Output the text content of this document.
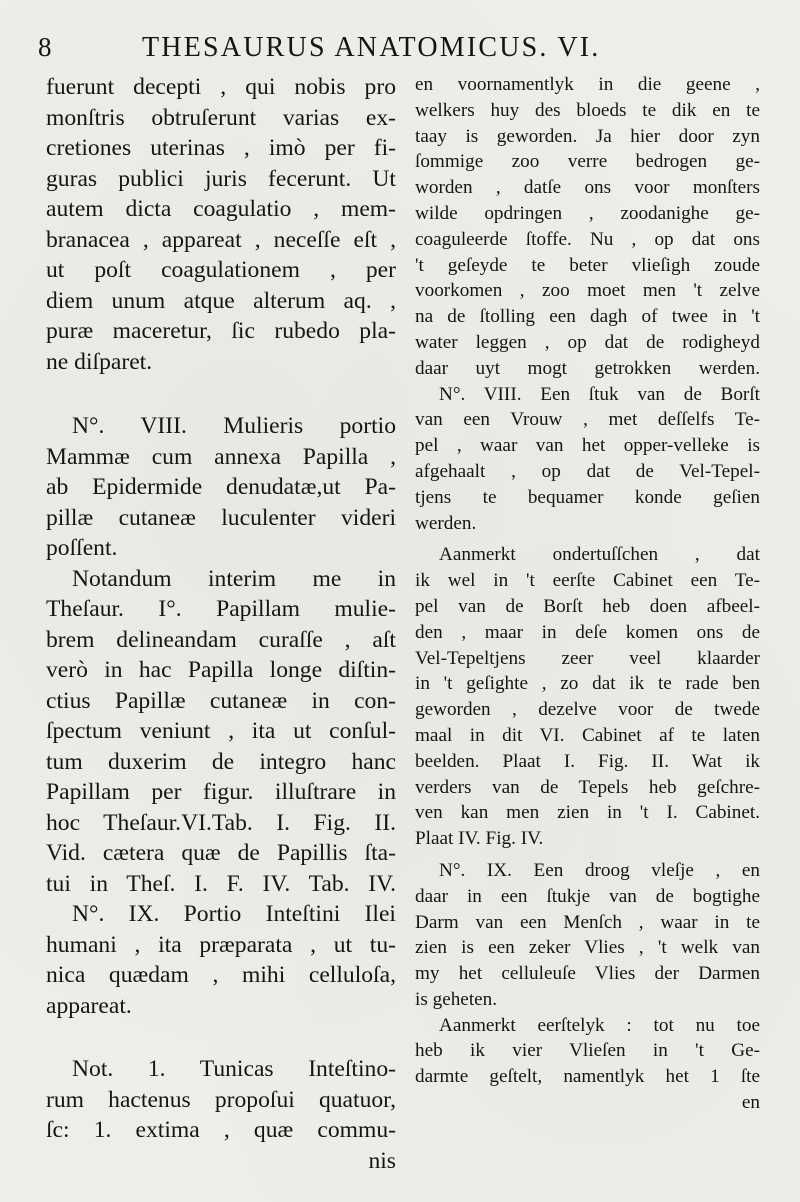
8	THESAURUS ANATOMICUS. VI.
fuerunt decepti , qui nobis pro
monſtris obtruſerunt varias ex-
cretiones uterinas , imò per fi-
guras publici juris fecerunt. Ut
autem dicta coagulatio , mem-
branacea , appareat , neceſſe eſt ,
ut poſt coagulationem , per
diem unum atque alterum aq. ,
puræ maceretur, ſic rubedo pla-
ne diſparet.
N°. VIII. Mulieris portio
Mammæ cum annexa Papilla ,
ab Epidermide denudatæ,ut Pa-
pillæ cutaneæ luculenter videri
poſſent.
Notandum interim me in
Theſaur. I°. Papillam mulie-
brem delineandam curaſſe , aſt
verò in hac Papilla longe diſtin-
ctius Papillæ cutaneæ in con-
ſpectum veniunt , ita ut conſul-
tum duxerim de integro hanc
Papillam per figur. illuſtrare in
hoc Theſaur.VI.Tab. I. Fig. II.
Vid. cætera quæ de Papillis ſta-
tui in Theſ. I. F. IV. Tab. IV.
N°. IX. Portio Inteſtini Ilei
humani , ita præparata , ut tu-
nica quædam , mihi celluloſa,
appareat.
Not. 1. Tunicas Inteſtino-
rum hactenus propoſui quatuor,
ſc: 1. extima , quæ commu-
nis
en voornamentlyk in die geene ,
welkers huy des bloeds te dik en te
taay is geworden. Ja hier door zyn
ſommige zoo verre bedrogen ge-
worden , datſe ons voor monſters
wilde opdringen , zoodanighe ge-
coaguleerde ſtoffe. Nu , op dat ons
't geſeyde te beter vlieſigh zoude
voorkomen , zoo moet men 't zelve
na de ſtolling een dagh of twee in 't
water leggen , op dat de rodigheyd
daar uyt mogt getrokken werden.
N°. VIII. Een ſtuk van de Borſt
van een Vrouw , met deſſelfs Te-
pel , waar van het opper-velleke is
afgehaalt , op dat de Vel-Tepel-
tjens te bequamer konde geſien
werden.
Aanmerkt ondertuſſchen , dat
ik wel in 't eerſte Cabinet een Te-
pel van de Borſt heb doen afbeel-
den , maar in deſe komen ons de
Vel-Tepeltjens zeer veel klaarder
in 't geſighte , zo dat ik te rade ben
geworden , dezelve voor de twede
maal in dit VI. Cabinet af te laten
beelden. Plaat I. Fig. II. Wat ik
verders van de Tepels heb geſchre-
ven kan men zien in 't I. Cabinet.
Plaat IV. Fig. IV.
N°. IX. Een droog vleſje , en
daar in een ſtukje van de bogtighe
Darm van een Menſch , waar in te
zien is een zeker Vlies , 't welk van
my het celluleuſe Vlies der Darmen
is geheten.
Aanmerkt eerſtelyk : tot nu toe
heb ik vier Vlieſen in 't Ge-
darmte geſtelt, namentlyk het 1 ſte
en
